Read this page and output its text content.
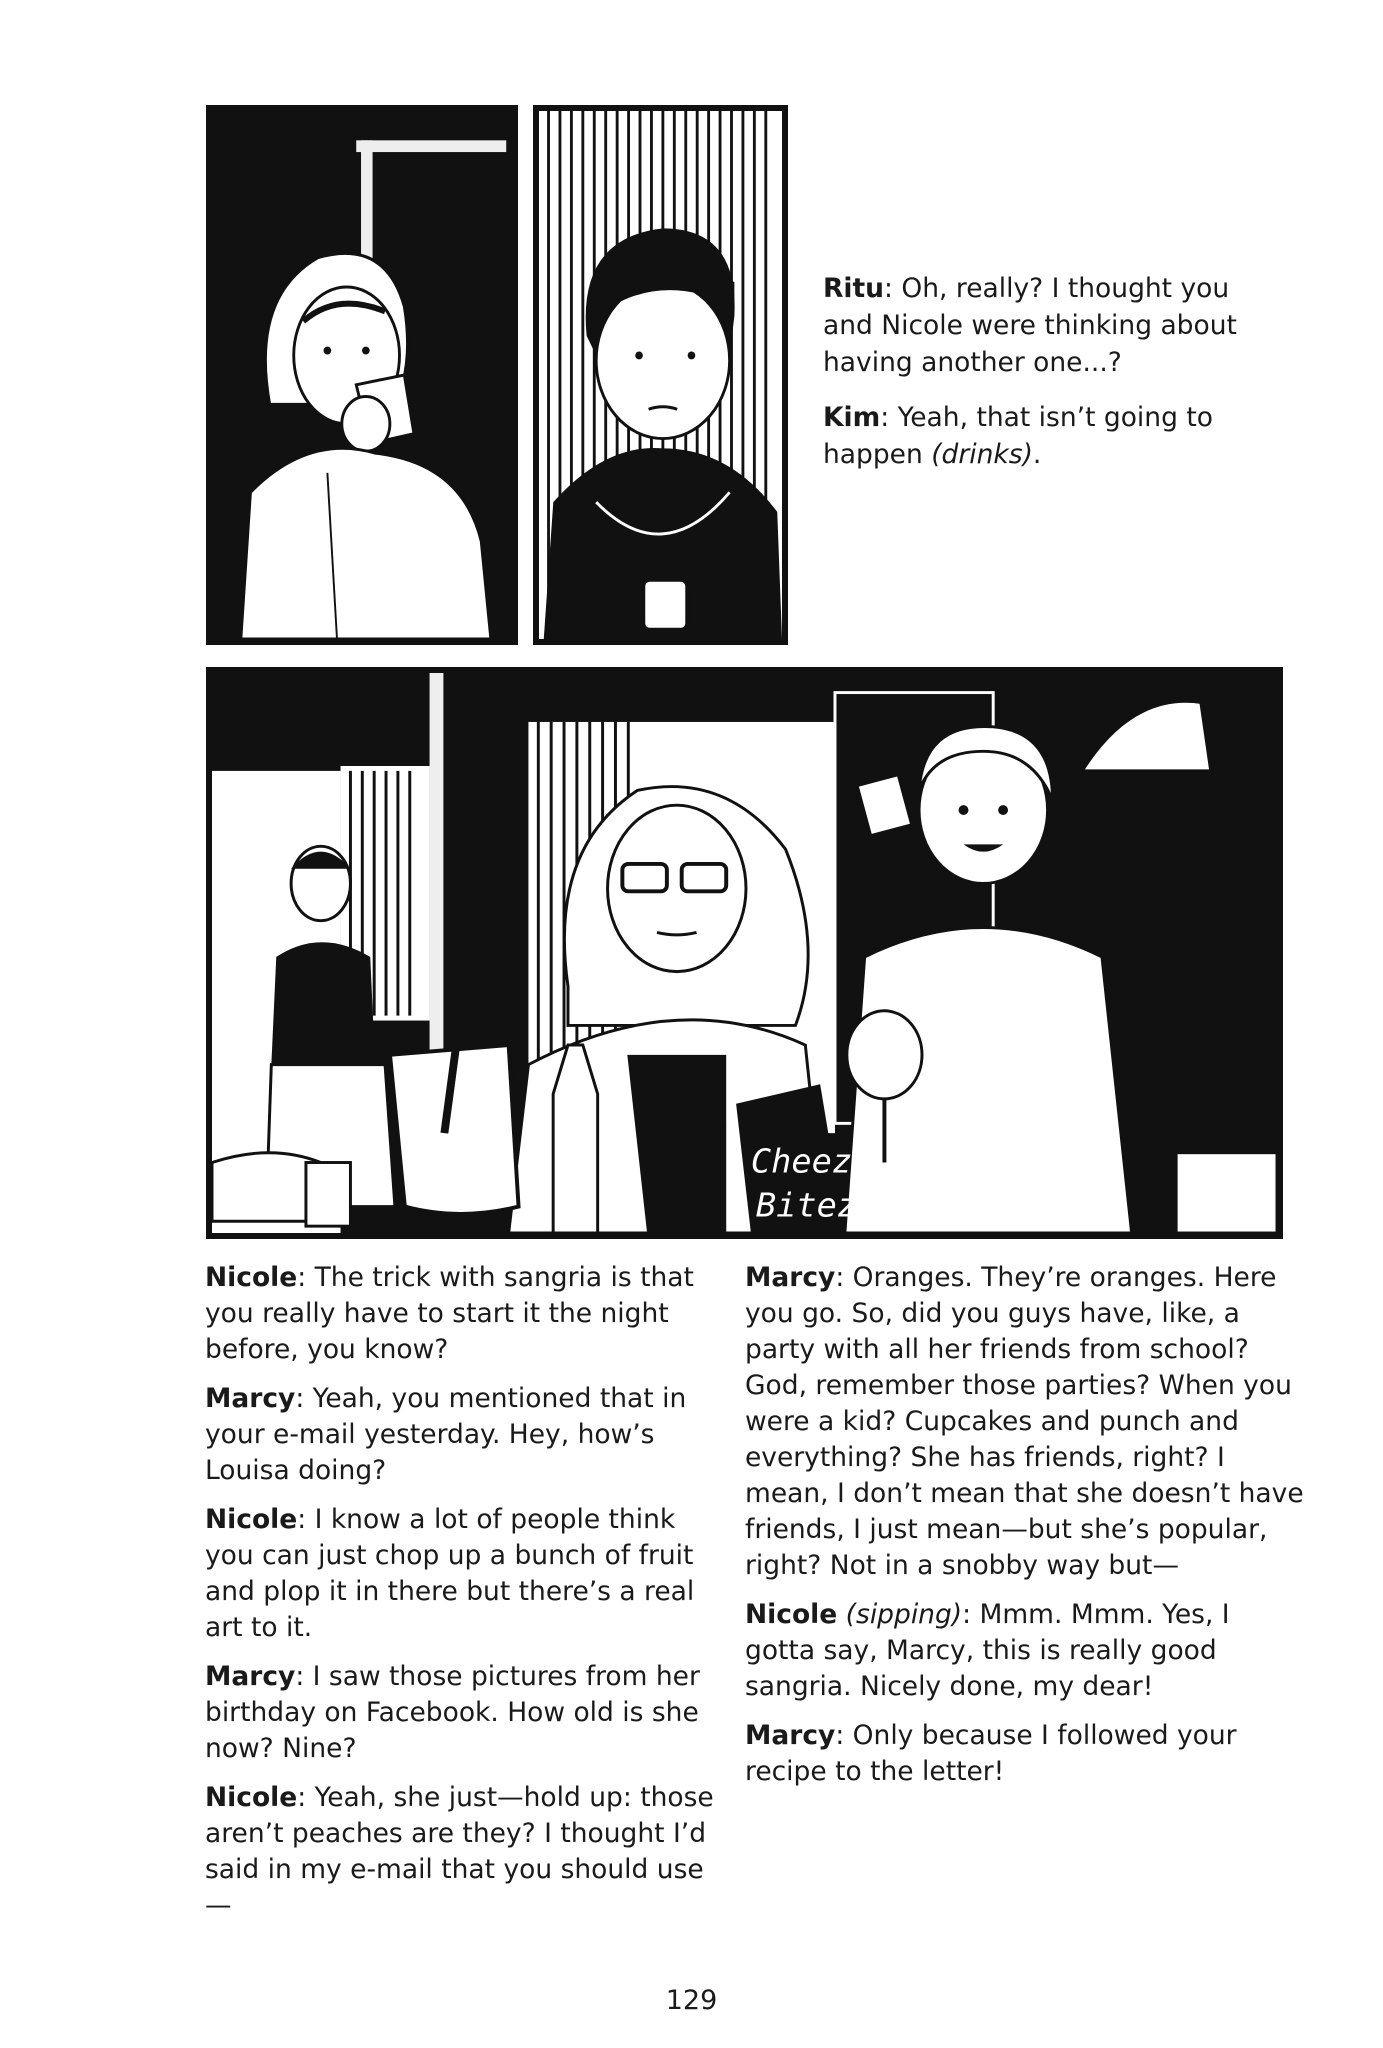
Ritu: Oh, really? I thought you and Nicole were thinking about having another one...?

Kim: Yeah, that isn’t going to happen (drinks).

Cheez
Bitez

Nicole: The trick with sangria is that you really have to start it the night before, you know?

Marcy: Yeah, you mentioned that in your e-mail yesterday. Hey, how’s Louisa doing?

Nicole: I know a lot of people think you can just chop up a bunch of fruit and plop it in there but there’s a real art to it.

Marcy: I saw those pictures from her birthday on Facebook. How old is she now? Nine?

Nicole: Yeah, she just—hold up: those aren’t peaches are they? I thought I’d said in my e-mail that you should use—

Marcy: Oranges. They’re oranges. Here you go. So, did you guys have, like, a party with all her friends from school? God, remember those parties? When you were a kid? Cupcakes and punch and everything? She has friends, right? I mean, I don’t mean that she doesn’t have friends, I just mean—but she’s popular, right? Not in a snobby way but—

Nicole (sipping): Mmm. Mmm. Yes, I gotta say, Marcy, this is really good sangria. Nicely done, my dear!

Marcy: Only because I followed your recipe to the letter!

129
